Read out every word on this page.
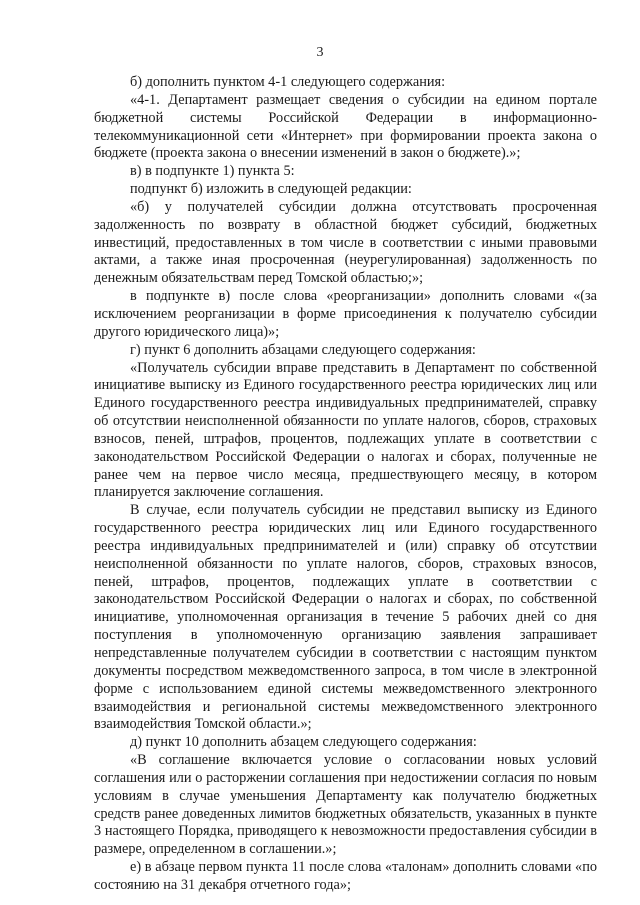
3

б) дополнить пунктом 4-1 следующего содержания:

«4-1. Департамент размещает сведения о субсидии на едином портале бюджетной системы Российской Федерации в информационно-телекоммуникационной сети «Интернет» при формировании проекта закона о бюджете (проекта закона о внесении изменений в закон о бюджете).»;

в) в подпункте 1) пункта 5:

подпункт б) изложить в следующей редакции:

«б) у получателей субсидии должна отсутствовать просроченная задолженность по возврату в областной бюджет субсидий, бюджетных инвестиций, предоставленных в том числе в соответствии с иными правовыми актами, а также иная просроченная (неурегулированная) задолженность по денежным обязательствам перед Томской областью;»;

в подпункте в) после слова «реорганизации» дополнить словами «(за исключением реорганизации в форме присоединения к получателю субсидии другого юридического лица)»;

г) пункт 6 дополнить абзацами следующего содержания:

«Получатель субсидии вправе представить в Департамент по собственной инициативе выписку из Единого государственного реестра юридических лиц или Единого государственного реестра индивидуальных предпринимателей, справку об отсутствии неисполненной обязанности по уплате налогов, сборов, страховых взносов, пеней, штрафов, процентов, подлежащих уплате в соответствии с законодательством Российской Федерации о налогах и сборах, полученные не ранее чем на первое число месяца, предшествующего месяцу, в котором планируется заключение соглашения.

В случае, если получатель субсидии не представил выписку из Единого государственного реестра юридических лиц или Единого государственного реестра индивидуальных предпринимателей и (или) справку об отсутствии неисполненной обязанности по уплате налогов, сборов, страховых взносов, пеней, штрафов, процентов, подлежащих уплате в соответствии с законодательством Российской Федерации о налогах и сборах, по собственной инициативе, уполномоченная организация в течение 5 рабочих дней со дня поступления в уполномоченную организацию заявления запрашивает непредставленные получателем субсидии в соответствии с настоящим пунктом документы посредством межведомственного запроса, в том числе в электронной форме с использованием единой системы межведомственного электронного взаимодействия и региональной системы межведомственного электронного взаимодействия Томской области.»;

д) пункт 10 дополнить абзацем следующего содержания:

«В соглашение включается условие о согласовании новых условий соглашения или о расторжении соглашения при недостижении согласия по новым условиям в случае уменьшения Департаменту как получателю бюджетных средств ранее доведенных лимитов бюджетных обязательств, указанных в пункте 3 настоящего Порядка, приводящего к невозможности предоставления субсидии в размере, определенном в соглашении.»;

е) в абзаце первом пункта 11 после слова «талонам» дополнить словами «по состоянию на 31 декабря отчетного года»;
